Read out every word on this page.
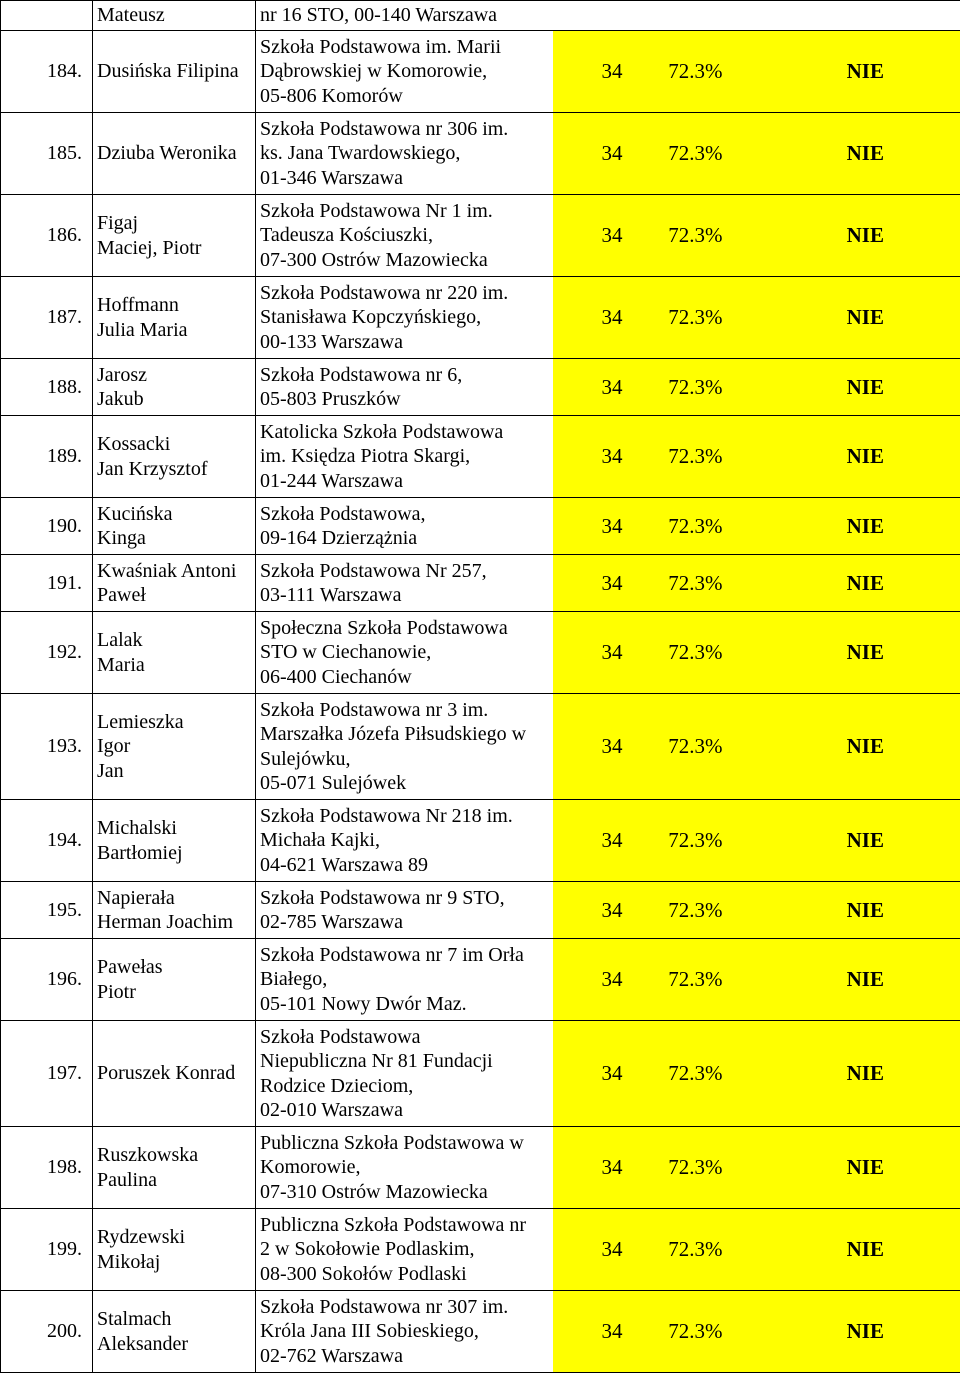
	Mateusz	nr 16 STO, 00-140 Warszawa	

184.	Dusińska Filipina	Szkoła Podstawowa im. Marii
Dąbrowskiej w Komorowie,
05-806 Komorów	34 72.3% NIE

185.	Dziuba Weronika	Szkoła Podstawowa nr 306 im.
ks. Jana Twardowskiego,
01-346 Warszawa	34 72.3% NIE

186.	Figaj
Maciej, Piotr	Szkoła Podstawowa Nr 1 im.
Tadeusza Kościuszki,
07-300 Ostrów Mazowiecka	34 72.3% NIE

187.	Hoffmann
Julia Maria	Szkoła Podstawowa nr 220 im.
Stanisława Kopczyńskiego,
00-133 Warszawa	34 72.3% NIE

188.	Jarosz
Jakub	Szkoła Podstawowa nr 6,
05-803 Pruszków	34 72.3% NIE

189.	Kossacki
Jan Krzysztof	Katolicka Szkoła Podstawowa
im. Księdza Piotra Skargi,
01-244 Warszawa	34 72.3% NIE

190.	Kucińska
Kinga	Szkoła Podstawowa,
09-164 Dzierzążnia	34 72.3% NIE

191.	Kwaśniak Antoni
Paweł	Szkoła Podstawowa Nr 257,
03-111 Warszawa	34 72.3% NIE

192.	Lalak
Maria	Społeczna Szkoła Podstawowa
STO w Ciechanowie,
06-400 Ciechanów	34 72.3% NIE

193.	Lemieszka
Igor
Jan	Szkoła Podstawowa nr 3 im.
Marszałka Józefa Piłsudskiego w
Sulejówku,
05-071 Sulejówek	34 72.3% NIE

194.	Michalski
Bartłomiej	Szkoła Podstawowa Nr 218 im.
Michała Kajki,
04-621 Warszawa 89	34 72.3% NIE

195.	Napierała
Herman Joachim	Szkoła Podstawowa nr 9 STO,
02-785 Warszawa	34 72.3% NIE

196.	Pawełas
Piotr	Szkoła Podstawowa nr 7 im Orła
Białego,
05-101 Nowy Dwór Maz.	34 72.3% NIE

197.	Poruszek Konrad	Szkoła Podstawowa
Niepubliczna Nr 81 Fundacji
Rodzice Dzieciom,
02-010 Warszawa	34 72.3% NIE

198.	Ruszkowska
Paulina	Publiczna Szkoła Podstawowa w
Komorowie,
07-310 Ostrów Mazowiecka	34 72.3% NIE

199.	Rydzewski
Mikołaj	Publiczna Szkoła Podstawowa nr
2 w Sokołowie Podlaskim,
08-300 Sokołów Podlaski	34 72.3% NIE

200.	Stalmach
Aleksander	Szkoła Podstawowa nr 307 im.
Króla Jana III Sobieskiego,
02-762 Warszawa	34 72.3% NIE
